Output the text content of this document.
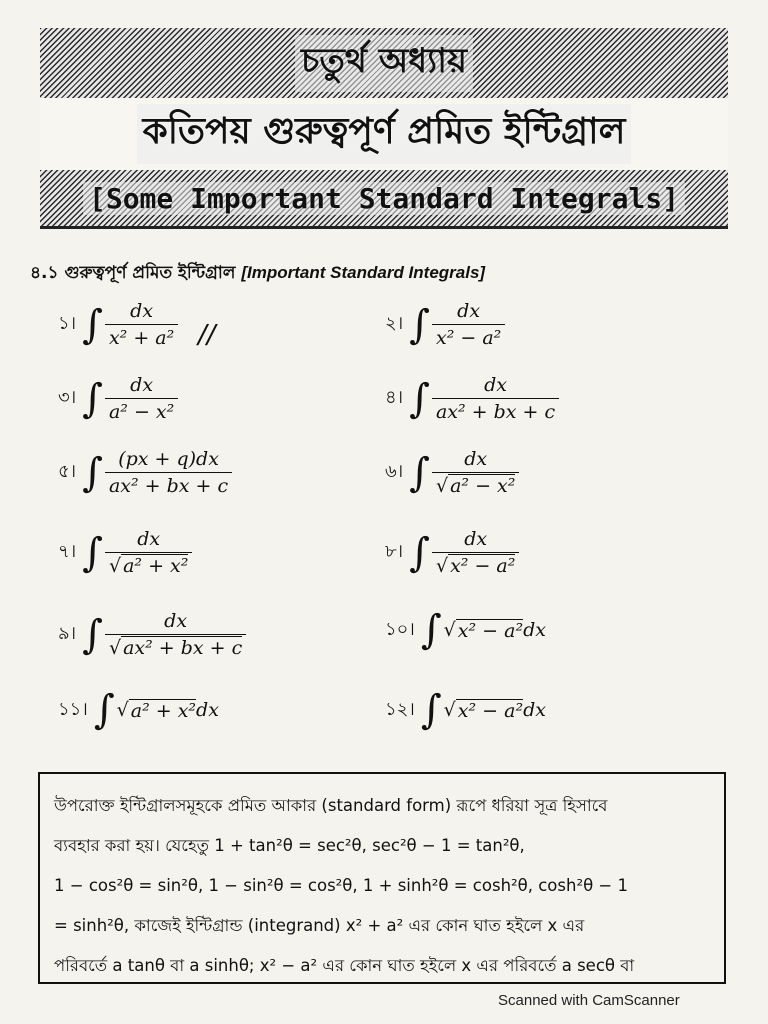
চতুর্থ অধ্যায়
কতিপয় গুরুত্বপূর্ণ প্রমিত ইন্টিগ্রাল
[Some Important Standard Integrals]
৪.১ গুরুত্বপূর্ণ প্রমিত ইন্টিগ্রাল [Important Standard Integrals]
১। ∫ $\frac{dx}{\text{x² + a²}}$ //	২। ∫ $\frac{dx}{\text{x² − a²}}$
৩। ∫ $\frac{dx}{\text{a² − x²}}$	৪। ∫ $\frac{dx}{\text{ax² + bx + c}}$
৫। ∫ $\frac{(px + q)dx}{\text{ax² + bx + c}}$	৬। ∫ $\frac{dx}{\text{√ a² − x²}}$
৭। ∫ $\frac{dx}{\text{√ a² + x²}}$	৮। ∫ $\frac{dx}{\text{√ x² − a²}}$
৯। ∫ $\frac{dx}{\text{√ ax² + bx + c}}$	১০। ∫ √ x² − a² dx
১১। ∫ √ a² + x² dx	১২। ∫ √ x² − a² dx

উপরোক্ত ইন্টিগ্রালসমূহকে প্রমিত আকার (standard form) রূপে ধরিয়া সূত্র হিসাবে

ব্যবহার করা হয়। যেহেতু 1 + tan²θ = sec²θ, sec²θ − 1 = tan²θ,

1 − cos²θ = sin²θ, 1 − sin²θ = cos²θ, 1 + sinh²θ = cosh²θ, cosh²θ − 1

= sinh²θ, কাজেই ইন্টিগ্রান্ড (integrand) x² + a² এর কোন ঘাত হইলে x এর

পরিবর্তে a tanθ বা a sinhθ; x² − a² এর কোন ঘাত হইলে x এর পরিবর্তে a secθ বা

Scanned with CamScanner
